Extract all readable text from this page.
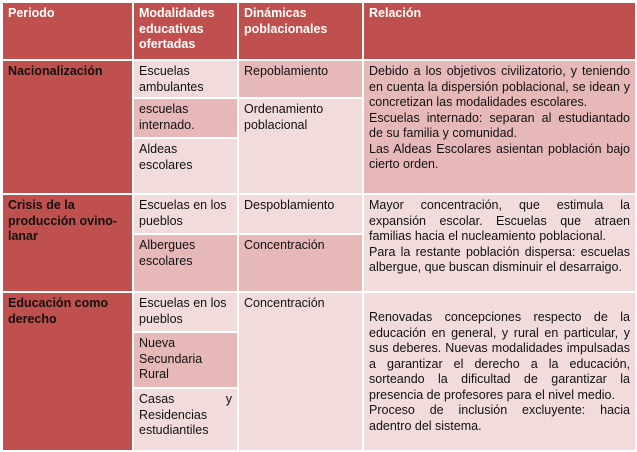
Periodo	Modalidades educativas ofertadas	Dinámicas poblacionales	Relación
Nacionalización	Escuelas ambulantes	Repoblamiento	Debido a los objetivos civilizatorio, y teniendo en cuenta la dispersión poblacional, se idean y concretizan las modalidades escolares.

Escuelas internado: separan al estudiantado de su familia y comunidad.

Las Aldeas Escolares asientan población bajo cierto orden.

	escuelas internado.	Ordenamiento poblacional	
	Aldeas escolares		
Crisis de la producción ovino-lanar	Escuelas en los pueblos	Despoblamiento	Mayor concentración, que estimula la expansión escolar. Escuelas que atraen familias hacia el nucleamiento poblacional.

Para la restante población dispersa: escuelas albergue, que buscan disminuir el desarraigo.

	Albergues escolares	Concentración	
Educación como derecho	Escuelas en los pueblos	Concentración	Renovadas concepciones respecto de la educación en general, y rural en particular, y sus deberes. Nuevas modalidades impulsadas a garantizar el derecho a la educación, sorteando la dificultad de garantizar la presencia de profesores para el nivel medio.

Proceso de inclusión excluyente: hacia adentro del sistema.

	Nueva Secundaria Rural		
	Casas y Residencias estudiantiles		
